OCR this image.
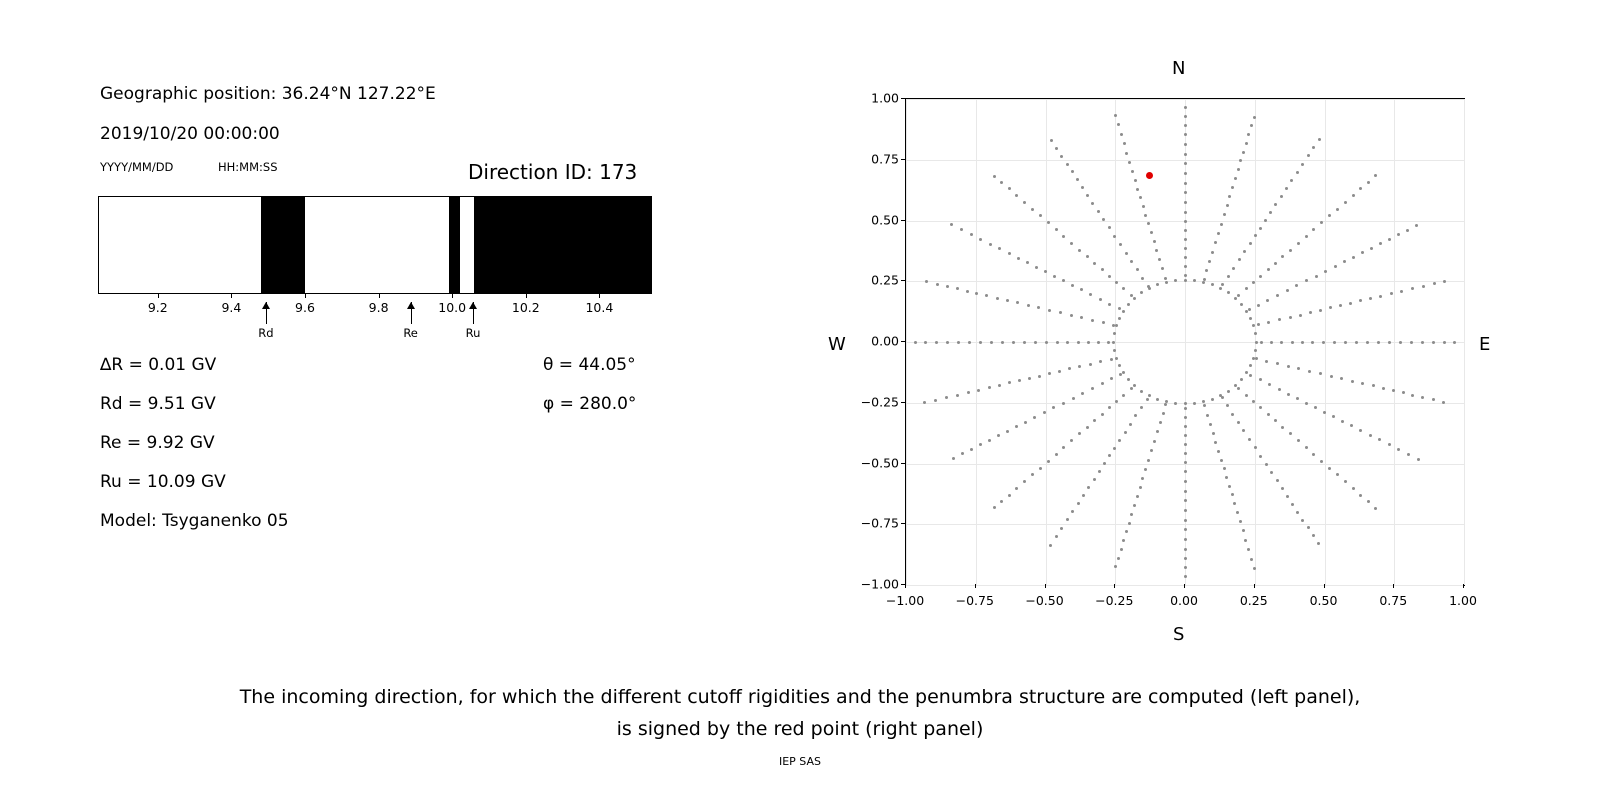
Geographic position: 36.24°N 127.22°E
2019/10/20 00:00:00
YYYY/MM/DD	HH:MM:SS	Direction ID: 173
9.2	9.4	9.6	9.8	10.0	10.2	10.4
Rd	Re	Ru
∆R = 0.01 GV
Rd = 9.51 GV
Re = 9.92 GV
Ru = 10.09 GV
Model: Tsyganenko 05
θ = 44.05°
φ = 280.0°
−1.00
−0.75
−0.50
−0.25
0.00
0.25
0.50
0.75
1.00
−1.00	−0.75	−0.50	−0.25	0.00	0.25	0.50	0.75	1.00
N
S
W	E
The incoming direction, for which the different cutoff rigidities and the penumbra structure are computed (left panel),
is signed by the red point (right panel)
IEP SAS
